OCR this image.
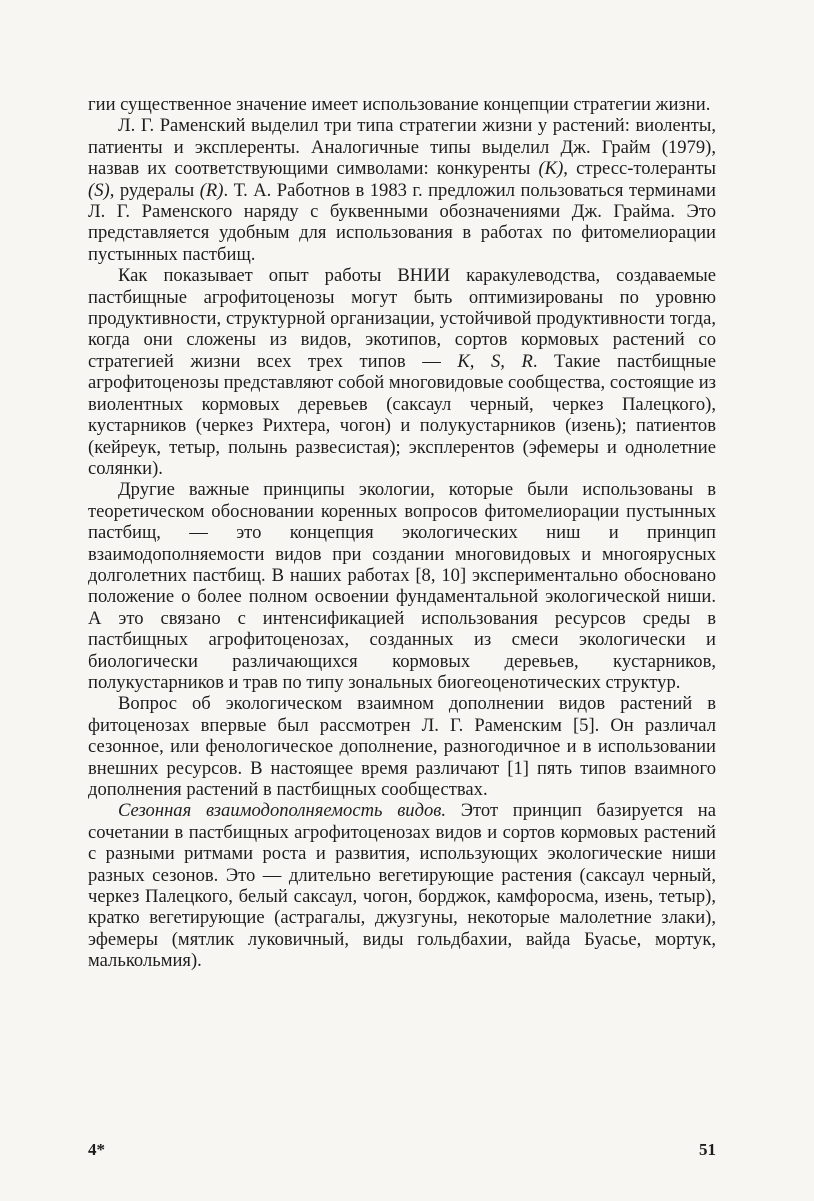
гии существенное значение имеет использование концепции стратегии жизни.

Л. Г. Раменский выделил три типа стратегии жизни у растений: виоленты, патиенты и эксплеренты. Аналогичные типы выделил Дж. Грайм (1979), назвав их соответствующими символами: конкуренты (K), стресс-толеранты (S), рудералы (R). Т. А. Работнов в 1983 г. предложил пользоваться терминами Л. Г. Раменского наряду с буквенными обозначениями Дж. Грайма. Это представляется удобным для использования в работах по фитомелиорации пустынных пастбищ.

Как показывает опыт работы ВНИИ каракулеводства, создаваемые пастбищные агрофитоценозы могут быть оптимизированы по уровню продуктивности, структурной организации, устойчивой продуктивности тогда, когда они сложены из видов, экотипов, сортов кормовых растений со стратегией жизни всех трех типов — K, S, R. Такие пастбищные агрофитоценозы представляют собой многовидовые сообщества, состоящие из виолентных кормовых деревьев (саксаул черный, черкез Палецкого), кустарников (черкез Рихтера, чогон) и полукустарников (изень); патиентов (кейреук, тетыр, полынь развесистая); эксплерентов (эфемеры и однолетние солянки).

Другие важные принципы экологии, которые были использованы в теоретическом обосновании коренных вопросов фитомелиорации пустынных пастбищ, — это концепция экологических ниш и принцип взаимодополняемости видов при создании многовидовых и многоярусных долголетних пастбищ. В наших работах [8, 10] экспериментально обосновано положение о более полном освоении фундаментальной экологической ниши. А это связано с интенсификацией использования ресурсов среды в пастбищных агрофитоценозах, созданных из смеси экологически и биологически различающихся кормовых деревьев, кустарников, полукустарников и трав по типу зональных биогеоценотических структур.

Вопрос об экологическом взаимном дополнении видов растений в фитоценозах впервые был рассмотрен Л. Г. Раменским [5]. Он различал сезонное, или фенологическое дополнение, разногодичное и в использовании внешних ресурсов. В настоящее время различают [1] пять типов взаимного дополнения растений в пастбищных сообществах.

Сезонная взаимодополняемость видов. Этот принцип базируется на сочетании в пастбищных агрофитоценозах видов и сортов кормовых растений с разными ритмами роста и развития, использующих экологические ниши разных сезонов. Это — длительно вегетирующие растения (саксаул черный, черкез Палецкого, белый саксаул, чогон, борджок, камфоросма, изень, тетыр), кратко вегетирующие (астрагалы, джузгуны, некоторые малолетние злаки), эфемеры (мятлик луковичный, виды гольдбахии, вайда Буасье, мортук, малькольмия).

4*	51
